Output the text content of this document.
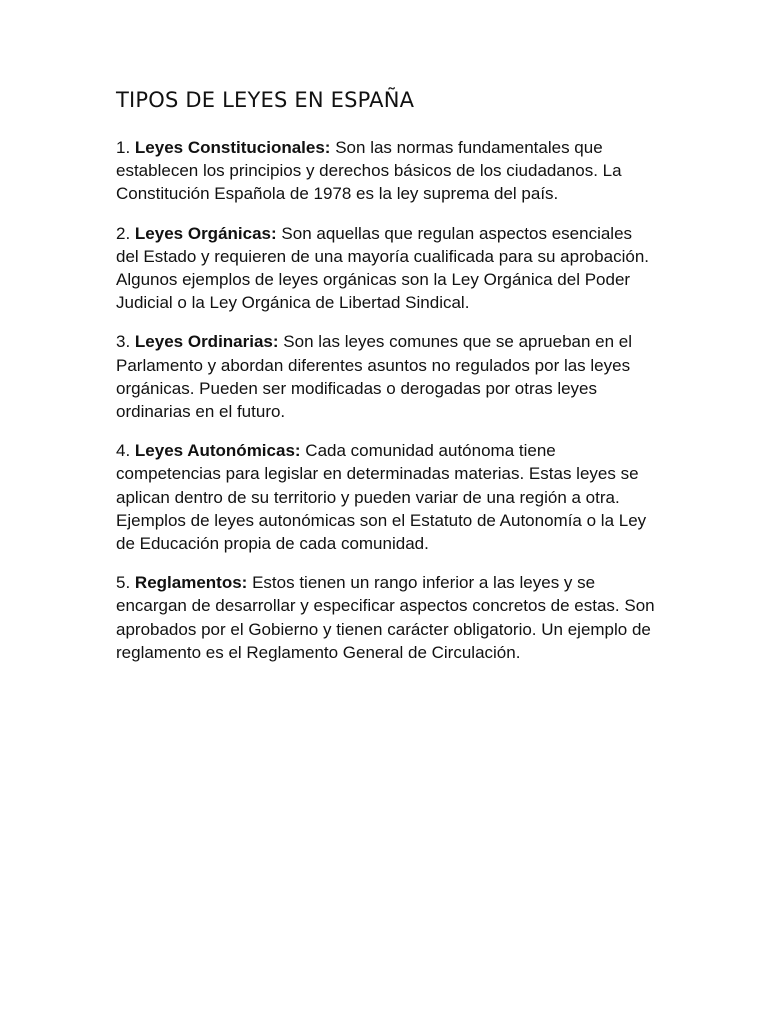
TIPOS DE LEYES EN ESPAÑA

1. Leyes Constitucionales: Son las normas fundamentales que establecen los principios y derechos básicos de los ciudadanos. La Constitución Española de 1978 es la ley suprema del país.

2. Leyes Orgánicas: Son aquellas que regulan aspectos esenciales del Estado y requieren de una mayoría cualificada para su aprobación. Algunos ejemplos de leyes orgánicas son la Ley Orgánica del Poder Judicial o la Ley Orgánica de Libertad Sindical.

3. Leyes Ordinarias: Son las leyes comunes que se aprueban en el Parlamento y abordan diferentes asuntos no regulados por las leyes orgánicas. Pueden ser modificadas o derogadas por otras leyes ordinarias en el futuro.

4. Leyes Autonómicas: Cada comunidad autónoma tiene competencias para legislar en determinadas materias. Estas leyes se aplican dentro de su territorio y pueden variar de una región a otra. Ejemplos de leyes autonómicas son el Estatuto de Autonomía o la Ley de Educación propia de cada comunidad.

5. Reglamentos: Estos tienen un rango inferior a las leyes y se encargan de desarrollar y especificar aspectos concretos de estas. Son aprobados por el Gobierno y tienen carácter obligatorio. Un ejemplo de reglamento es el Reglamento General de Circulación.
